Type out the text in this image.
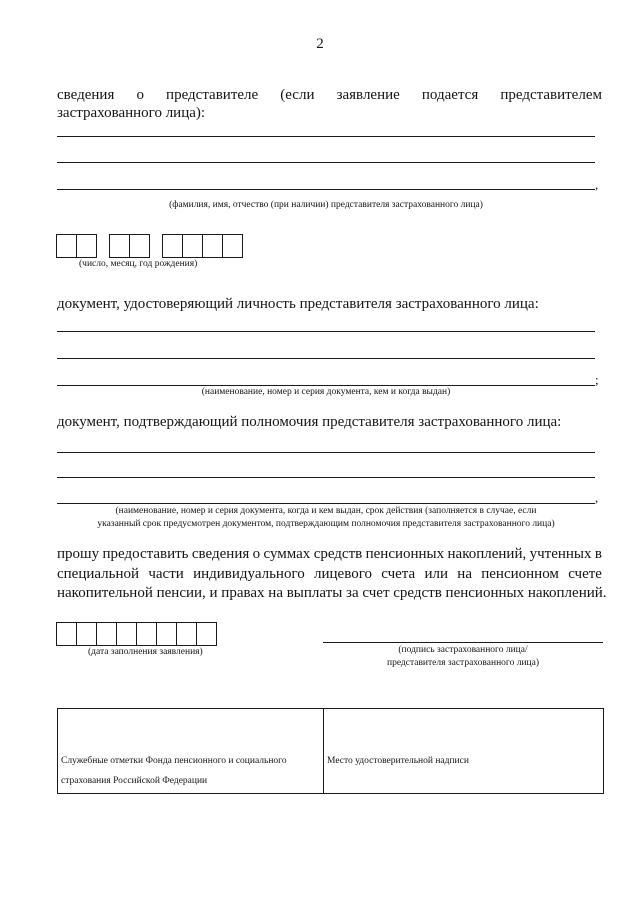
2
сведения о представителе (если заявление подается представителем
застрахованного лица):
,
(фамилия, имя, отчество (при наличии) представителя застрахованного лица)
(число, месяц, год рождения)
документ, удостоверяющий личность представителя застрахованного лица:
;
(наименование, номер и серия документа, кем и когда выдан)
документ, подтверждающий полномочия представителя застрахованного лица:
,
(наименование, номер и серия документа, когда и кем выдан, срок действия (заполняется в случае, если
указанный срок предусмотрен документом, подтверждающим полномочия представителя застрахованного лица)
прошу предоставить сведения о суммах средств пенсионных накоплений, учтенных в
специальной части индивидуального лицевого счета или на пенсионном счете
накопительной пенсии, и правах на выплаты за счет средств пенсионных накоплений.
(дата заполнения заявления)	(подпись застрахованного лица/
представителя застрахованного лица)
Служебные отметки Фонда пенсионного и социального
страхования Российской Федерации
Место удостоверительной надписи
